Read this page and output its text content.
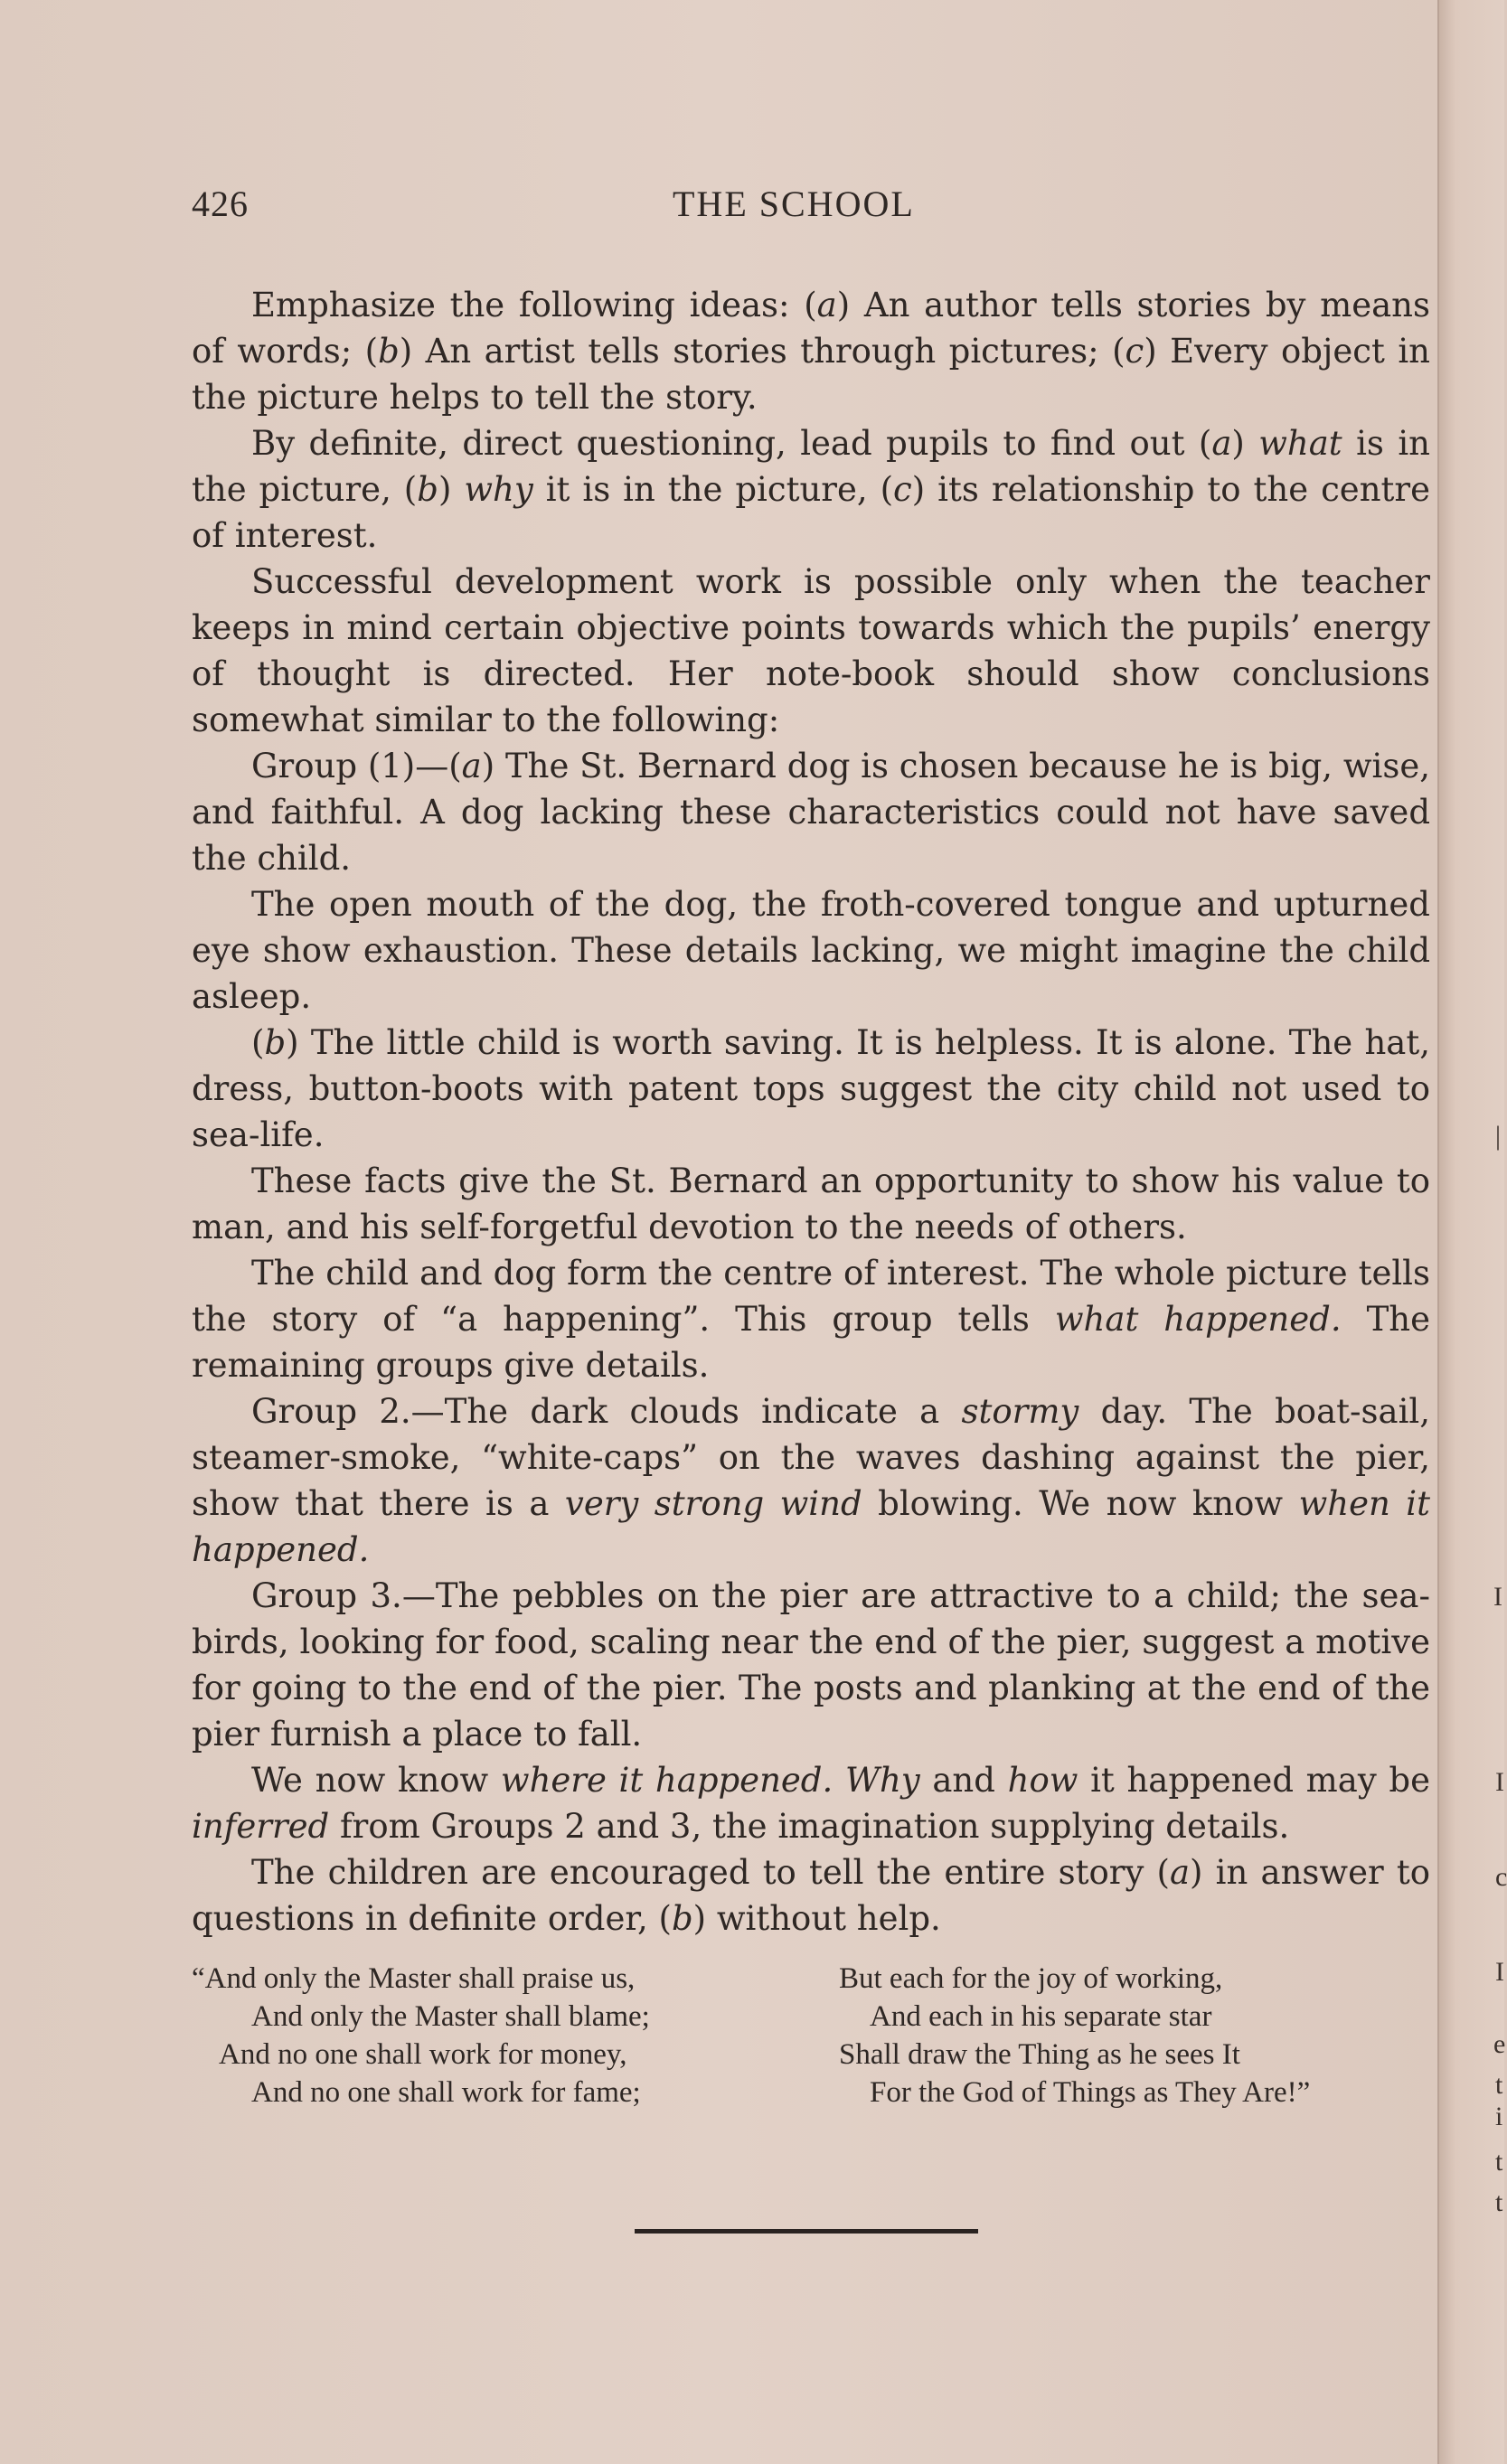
426	THE SCHOOL

Emphasize the following ideas: (a) An author tells stories by means of words; (b) An artist tells stories through pictures; (c) Every object in the picture helps to tell the story.

By definite, direct questioning, lead pupils to find out (a) what is in the picture, (b) why it is in the picture, (c) its relationship to the centre of interest.

Successful development work is possible only when the teacher keeps in mind certain objective points towards which the pupils’ energy of thought is directed. Her note-book should show conclusions somewhat similar to the following:

Group (1)—(a) The St. Bernard dog is chosen because he is big, wise, and faithful. A dog lacking these characteristics could not have saved the child.

The open mouth of the dog, the froth-covered tongue and upturned eye show exhaustion. These details lacking, we might imagine the child asleep.

(b) The little child is worth saving. It is helpless. It is alone. The hat, dress, button-boots with patent tops suggest the city child not used to sea-life.

These facts give the St. Bernard an opportunity to show his value to man, and his self-forgetful devotion to the needs of others.

The child and dog form the centre of interest. The whole picture tells the story of “a happening”. This group tells what happened. The remaining groups give details.

Group 2.—The dark clouds indicate a stormy day. The boat-sail, steamer-smoke, “white-caps” on the waves dashing against the pier, show that there is a very strong wind blowing. We now know when it happened.

Group 3.—The pebbles on the pier are attractive to a child; the sea-birds, looking for food, scaling near the end of the pier, suggest a motive for going to the end of the pier. The posts and planking at the end of the pier furnish a place to fall.

We now know where it happened. Why and how it happened may be inferred from Groups 2 and 3, the imagination supplying details.

The children are encouraged to tell the entire story (a) in answer to questions in definite order, (b) without help.

“And only the Master shall praise us,
And only the Master shall blame;
And no one shall work for money,
And no one shall work for fame;
But each for the joy of working,
And each in his separate star
Shall draw the Thing as he sees It
For the God of Things as They Are!”
|
I
I
c
I
e
t
i
t
t
